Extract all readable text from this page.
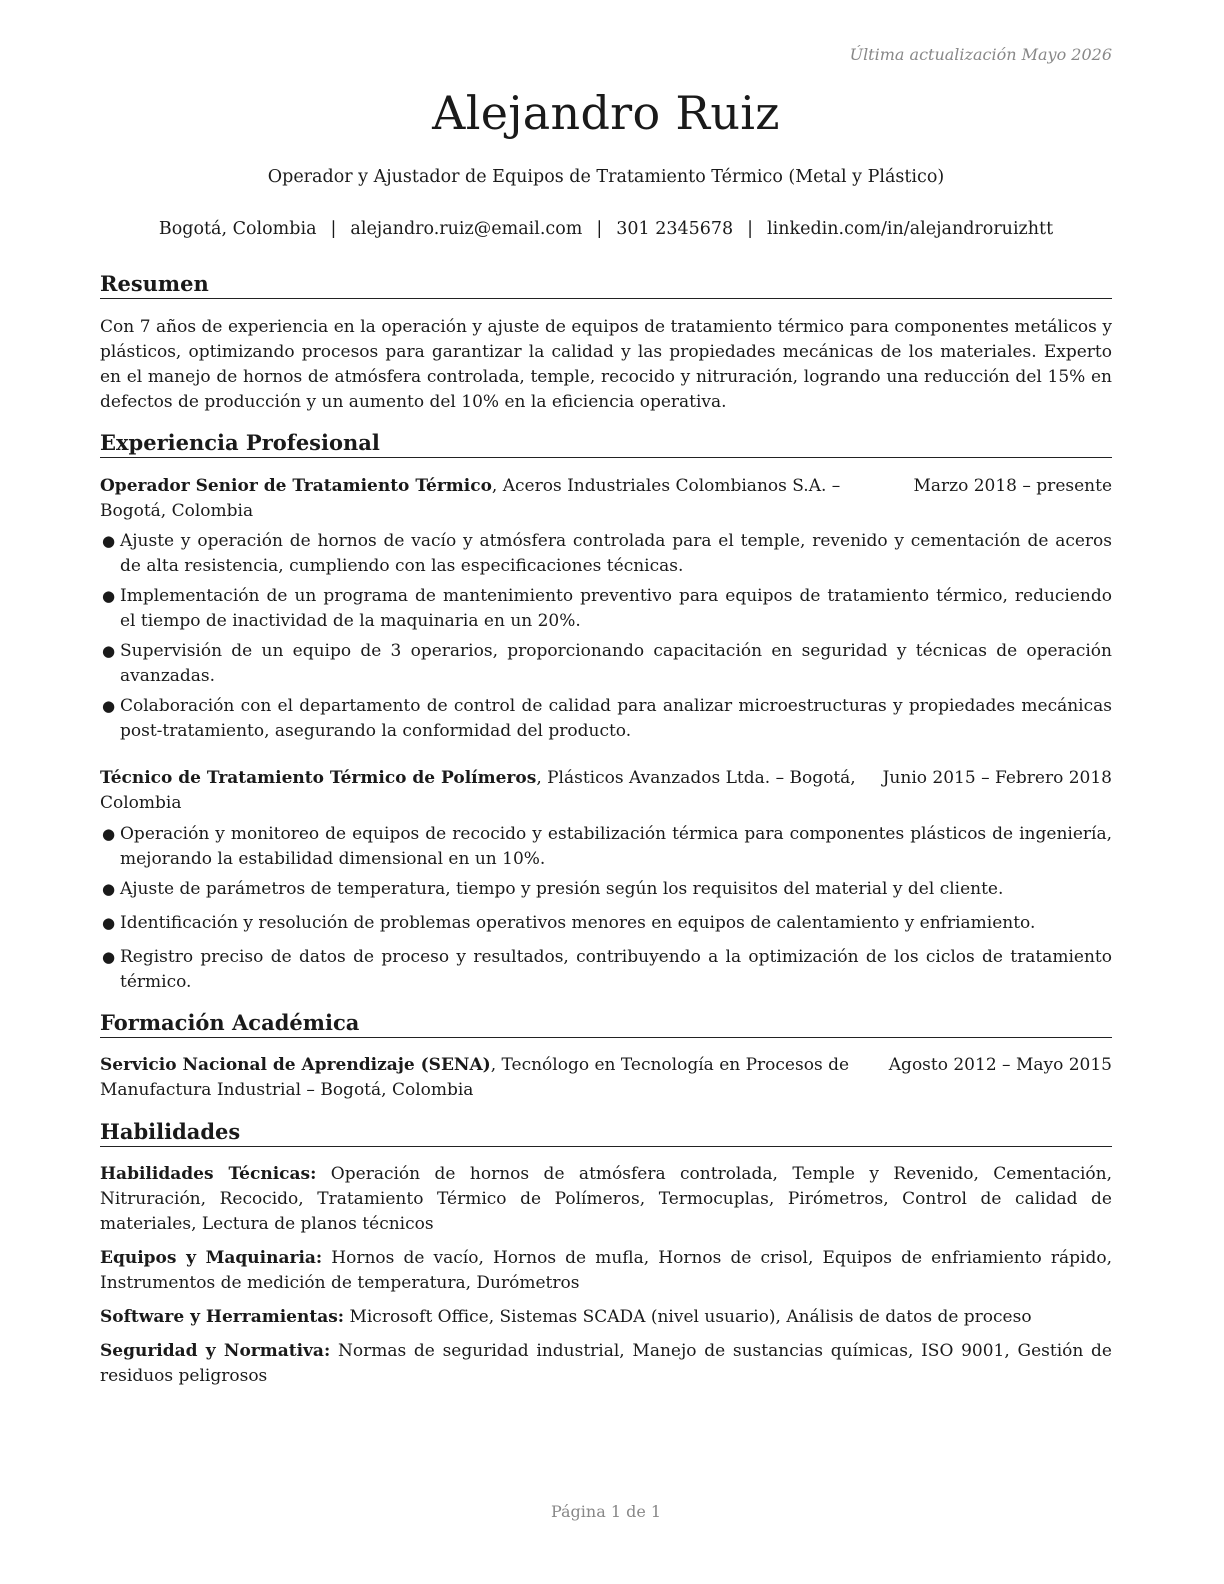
Última actualización Mayo 2026
Alejandro Ruiz
Operador y Ajustador de Equipos de Tratamiento Térmico (Metal y Plástico)
Bogotá, Colombia | alejandro.ruiz@email.com | 301 2345678 | linkedin.com/in/alejandroruizhtt
Resumen

Con 7 años de experiencia en la operación y ajuste de equipos de tratamiento térmico para componentes metálicos y plásticos, optimizando procesos para garantizar la calidad y las propiedades mecánicas de los materiales. Experto en el manejo de hornos de atmósfera controlada, temple, recocido y nitruración, logrando una reducción del 15% en defectos de producción y un aumento del 10% en la eficiencia operativa.

Experiencia Profesional
Marzo 2018 – presente
Operador Senior de Tratamiento Térmico, Aceros Industriales Colombianos S.A. – Bogotá, Colombia
● Ajuste y operación de hornos de vacío y atmósfera controlada para el temple, revenido y cementación de aceros de alta resistencia, cumpliendo con las especificaciones técnicas.
● Implementación de un programa de mantenimiento preventivo para equipos de tratamiento térmico, reduciendo el tiempo de inactividad de la maquinaria en un 20%.
● Supervisión de un equipo de 3 operarios, proporcionando capacitación en seguridad y técnicas de operación avanzadas.
● Colaboración con el departamento de control de calidad para analizar microestructuras y propiedades mecánicas post-tratamiento, asegurando la conformidad del producto.
Junio 2015 – Febrero 2018
Técnico de Tratamiento Térmico de Polímeros, Plásticos Avanzados Ltda. – Bogotá, Colombia
● Operación y monitoreo de equipos de recocido y estabilización térmica para componentes plásticos de ingeniería, mejorando la estabilidad dimensional en un 10%.
● Ajuste de parámetros de temperatura, tiempo y presión según los requisitos del material y del cliente.
● Identificación y resolución de problemas operativos menores en equipos de calentamiento y enfriamiento.
● Registro preciso de datos de proceso y resultados, contribuyendo a la optimización de los ciclos de tratamiento térmico.
Formación Académica
Agosto 2012 – Mayo 2015
Servicio Nacional de Aprendizaje (SENA), Tecnólogo en Tecnología en Procesos de Manufactura Industrial – Bogotá, Colombia
Habilidades
Habilidades Técnicas: Operación de hornos de atmósfera controlada, Temple y Revenido, Cementación, Nitruración, Recocido, Tratamiento Térmico de Polímeros, Termocuplas, Pirómetros, Control de calidad de materiales, Lectura de planos técnicos
Equipos y Maquinaria: Hornos de vacío, Hornos de mufla, Hornos de crisol, Equipos de enfriamiento rápido, Instrumentos de medición de temperatura, Durómetros
Software y Herramientas: Microsoft Office, Sistemas SCADA (nivel usuario), Análisis de datos de proceso
Seguridad y Normativa: Normas de seguridad industrial, Manejo de sustancias químicas, ISO 9001, Gestión de residuos peligrosos
Página 1 de 1
